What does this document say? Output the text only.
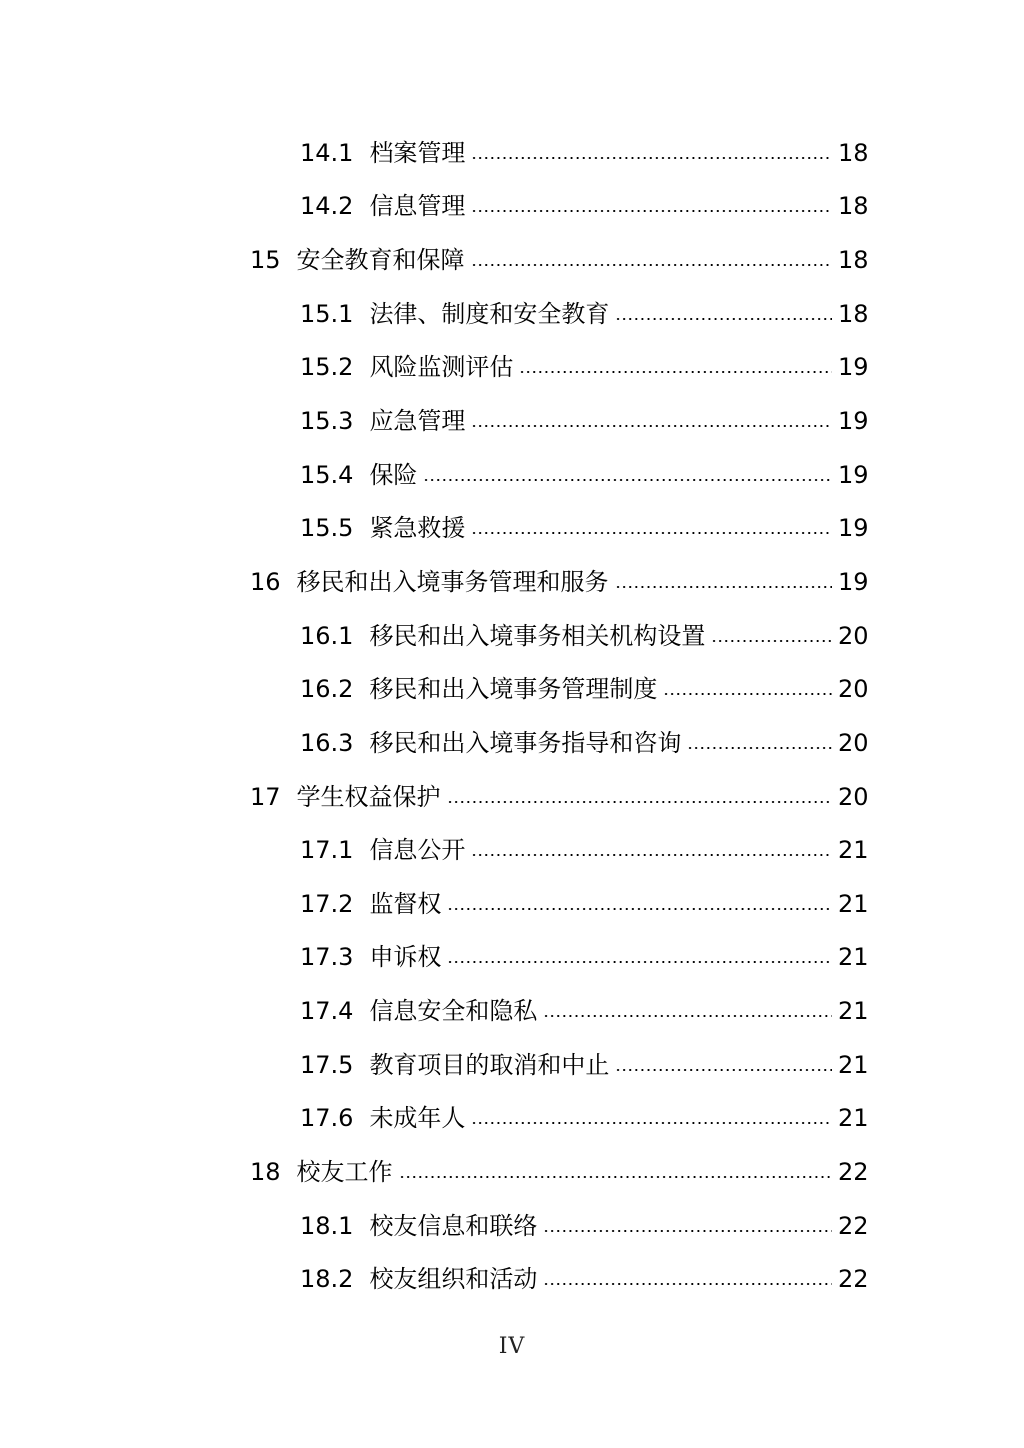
14.1 档案管理	18
14.2 信息管理	18
15 安全教育和保障	18
15.1 法律、制度和安全教育	18
15.2 风险监测评估	19
15.3 应急管理	19
15.4 保险	19
15.5 紧急救援	19
16 移民和出入境事务管理和服务	19
16.1 移民和出入境事务相关机构设置	20
16.2 移民和出入境事务管理制度	20
16.3 移民和出入境事务指导和咨询	20
17 学生权益保护	20
17.1 信息公开	21
17.2 监督权	21
17.3 申诉权	21
17.4 信息安全和隐私	21
17.5 教育项目的取消和中止	21
17.6 未成年人	21
18 校友工作	22
18.1 校友信息和联络	22
18.2 校友组织和活动	22
IV
